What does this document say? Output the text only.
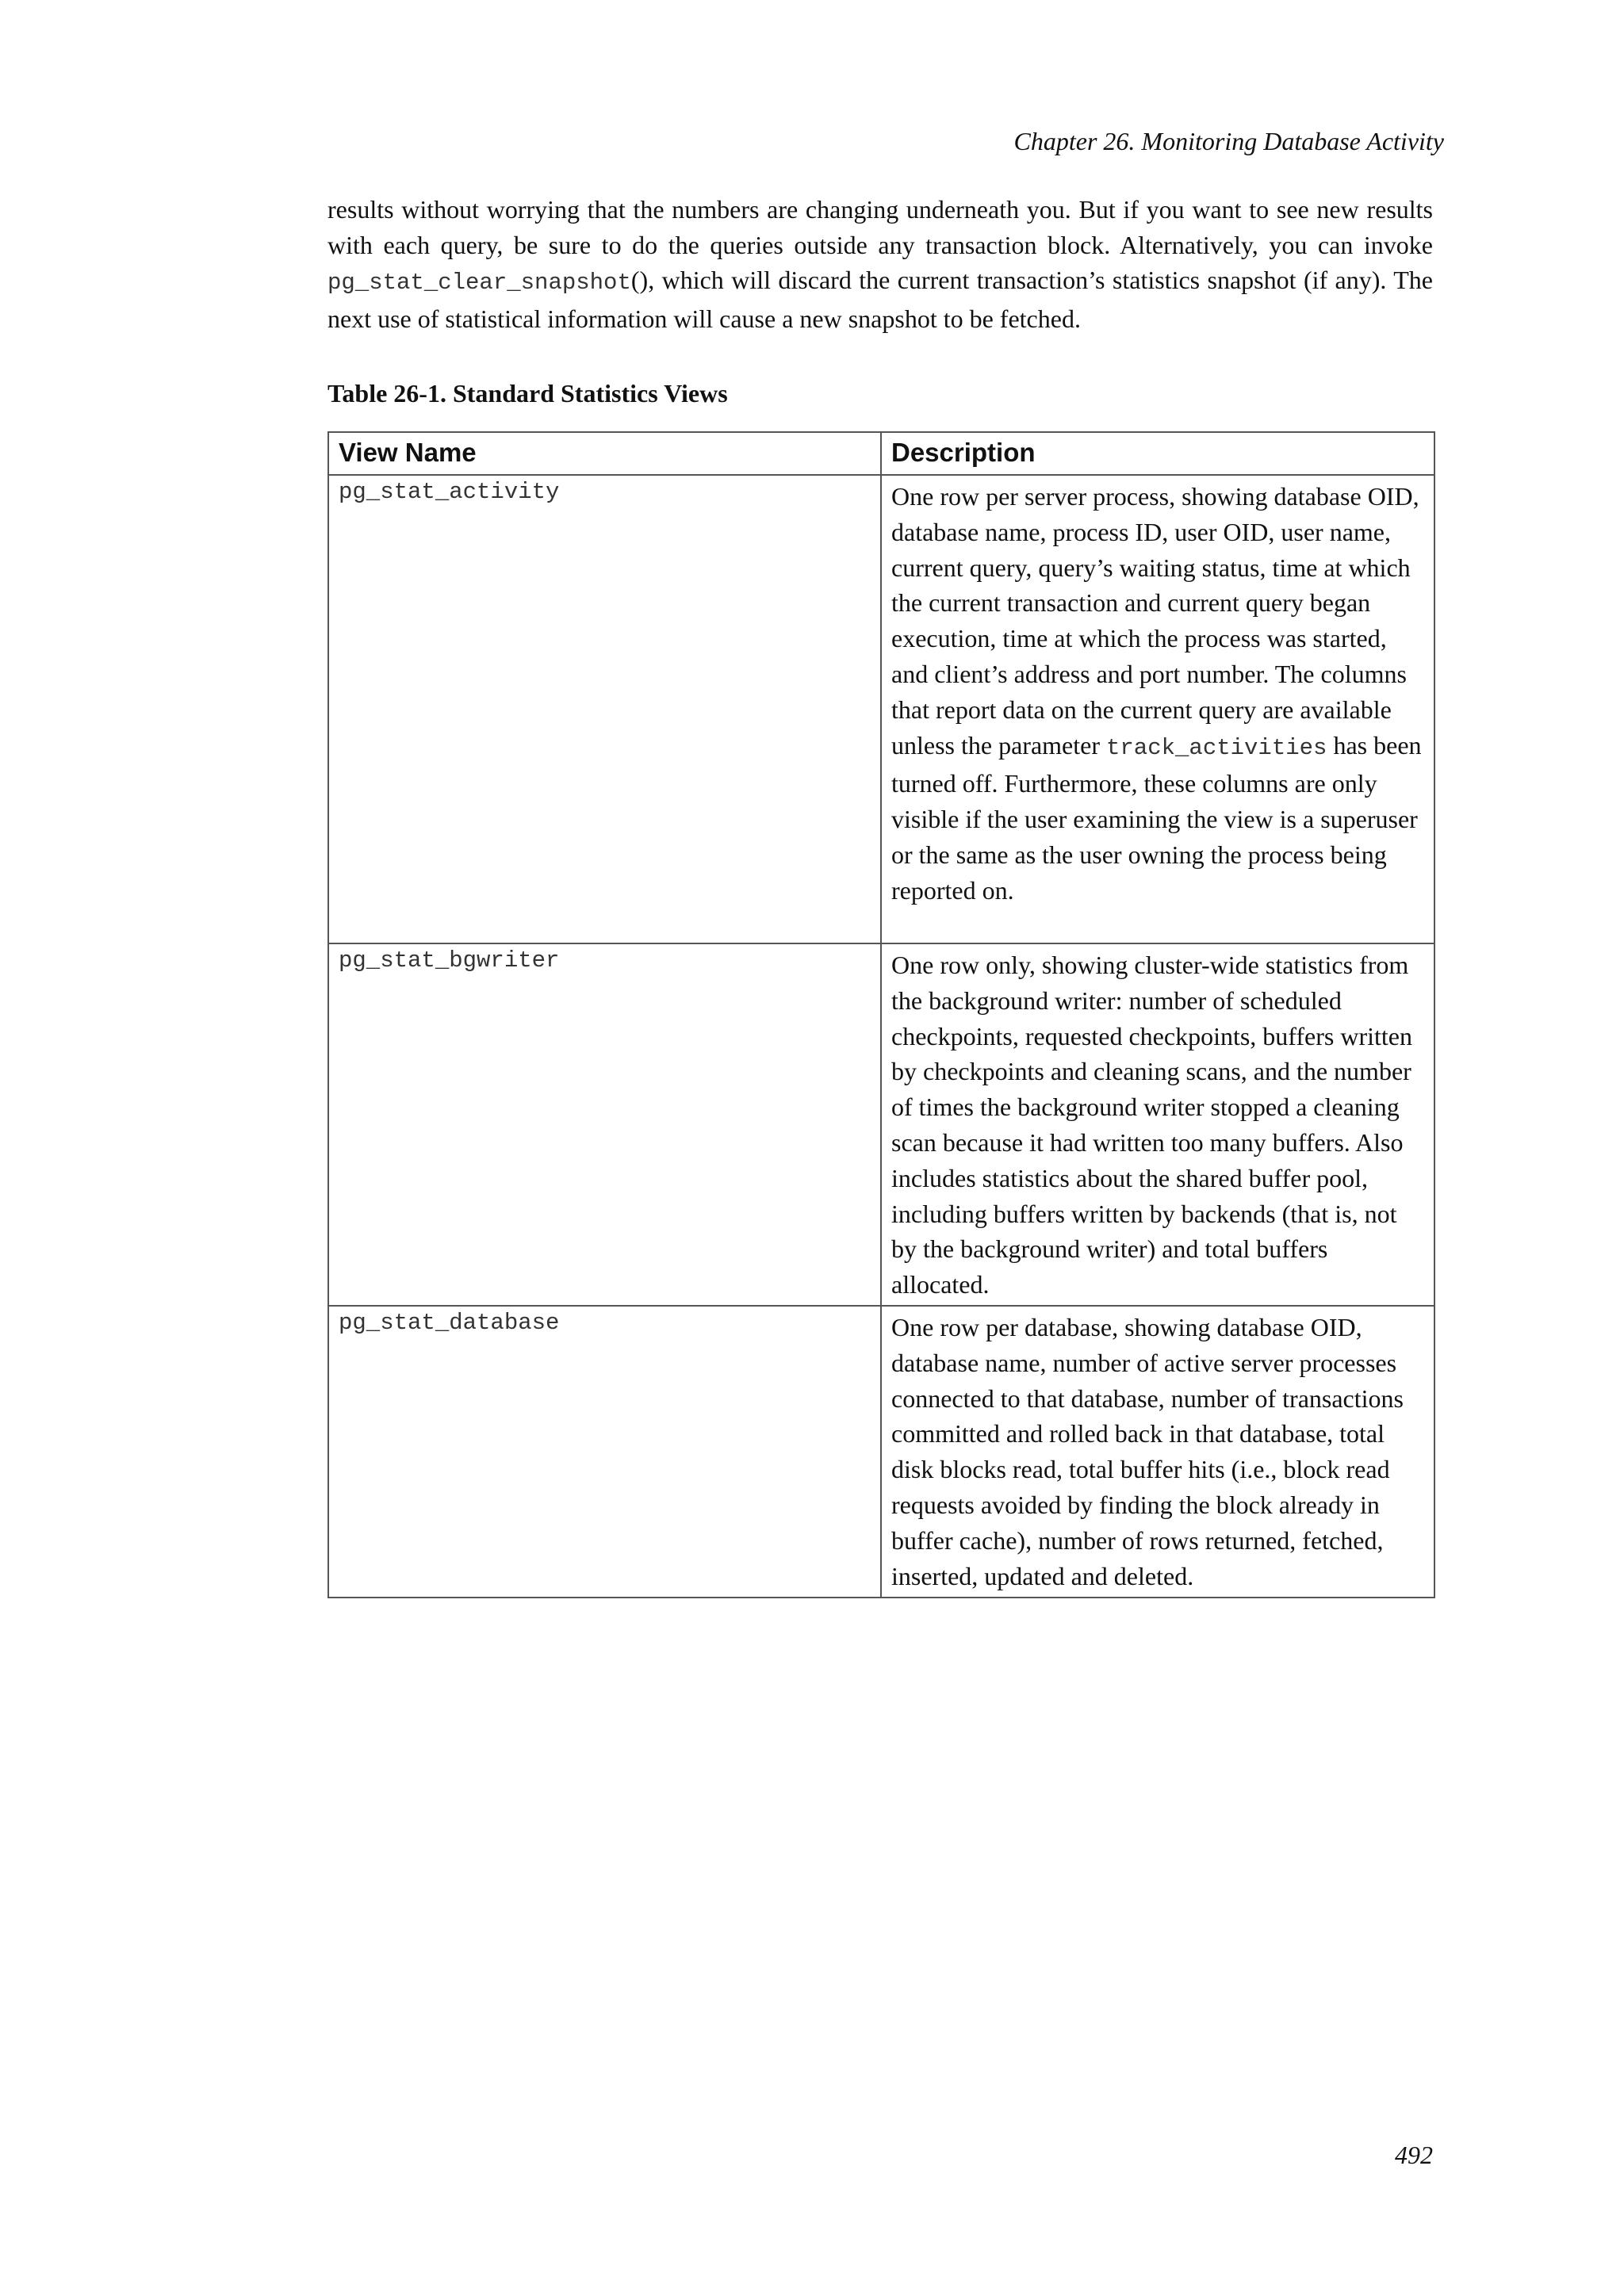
Chapter 26. Monitoring Database Activity

results without worrying that the numbers are changing underneath you. But if you want to see new results with each query, be sure to do the queries outside any transaction block. Alternatively, you can invoke pg_stat_clear_snapshot(), which will discard the current transaction’s statistics snapshot (if any). The next use of statistical information will cause a new snapshot to be fetched.

Table 26-1. Standard Statistics Views

View Name	Description
pg_stat_activity	One row per server process, showing database OID, database name, process ID, user OID, user name, current query, query’s waiting status, time at which the current transaction and current query began execution, time at which the process was started, and client’s address and port number. The columns that report data on the current query are available unless the parameter track_activities has been turned off. Furthermore, these columns are only visible if the user examining the view is a superuser or the same as the user owning the process being reported on.
pg_stat_bgwriter	One row only, showing cluster-wide statistics from the background writer: number of scheduled checkpoints, requested checkpoints, buffers written by checkpoints and cleaning scans, and the number of times the background writer stopped a cleaning scan because it had written too many buffers. Also includes statistics about the shared buffer pool, including buffers written by backends (that is, not by the background writer) and total buffers allocated.
pg_stat_database	One row per database, showing database OID, database name, number of active server processes connected to that database, number of transactions committed and rolled back in that database, total disk blocks read, total buffer hits (i.e., block read requests avoided by finding the block already in buffer cache), number of rows returned, fetched, inserted, updated and deleted.
492
